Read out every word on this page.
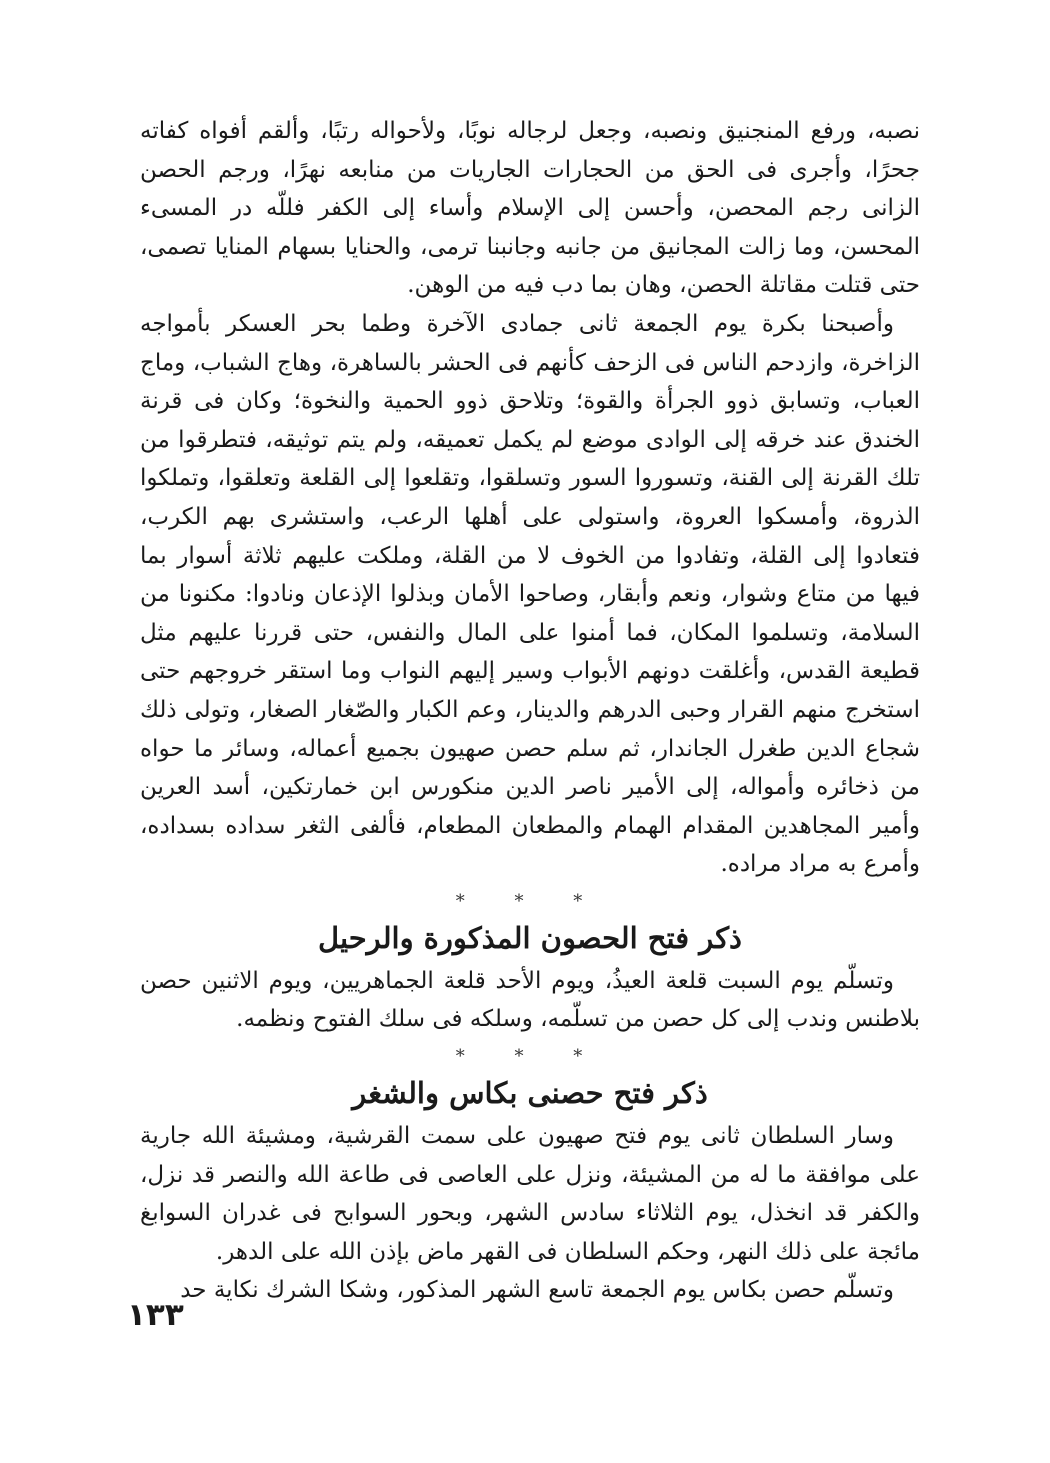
نصبه، ورفع المنجنيق ونصبه، وجعل لرجاله نوبًا، ولأحواله رتبًا، وألقم أفواه كفاته جحرًا، وأجرى فى الحق من الحجارات الجاريات من منابعه نهرًا، ورجم الحصن الزانى رجم المحصن، وأحسن إلى الإسلام وأساء إلى الكفر فللّه در المسىء المحسن، وما زالت المجانيق من جانبه وجانبنا ترمى، والحنايا بسهام المنايا تصمى، حتى قتلت مقاتلة الحصن، وهان بما دب فيه من الوهن.

وأصبحنا بكرة يوم الجمعة ثانى جمادى الآخرة وطما بحر العسكر بأمواجه الزاخرة، وازدحم الناس فى الزحف كأنهم فى الحشر بالساهرة، وهاج الشباب، وماج العباب، وتسابق ذوو الجرأة والقوة؛ وتلاحق ذوو الحمية والنخوة؛ وكان فى قرنة الخندق عند خرقه إلى الوادى موضع لم يكمل تعميقه، ولم يتم توثيقه، فتطرقوا من تلك القرنة إلى القنة، وتسوروا السور وتسلقوا، وتقلعوا إلى القلعة وتعلقوا، وتملكوا الذروة، وأمسكوا العروة، واستولى على أهلها الرعب، واستشرى بهم الكرب، فتعادوا إلى القلة، وتفادوا من الخوف لا من القلة، وملكت عليهم ثلاثة أسوار بما فيها من متاع وشوار، ونعم وأبقار، وصاحوا الأمان وبذلوا الإذعان ونادوا: مكنونا من السلامة، وتسلموا المكان، فما أمنوا على المال والنفس، حتى قررنا عليهم مثل قطيعة القدس، وأغلقت دونهم الأبواب وسير إليهم النواب وما استقر خروجهم حتى استخرج منهم القرار وحبى الدرهم والدينار، وعم الكبار والصّغار الصغار، وتولى ذلك شجاع الدين طغرل الجاندار، ثم سلم حصن صهيون بجميع أعماله، وسائر ما حواه من ذخائره وأمواله، إلى الأمير ناصر الدين منكورس ابن خمارتكين، أسد العرين وأمير المجاهدين المقدام الهمام والمطعان المطعام، فألفى الثغر سداده بسداده، وأمرع به مراد مراده.

* * *
ذكر فتح الحصون المذكورة والرحيل

وتسلّم يوم السبت قلعة العيذُ، ويوم الأحد قلعة الجماهريين، ويوم الاثنين حصن بلاطنس وندب إلى كل حصن من تسلّمه، وسلكه فى سلك الفتوح ونظمه.

* * *
ذكر فتح حصنى بكاس والشغر

وسار السلطان ثانى يوم فتح صهيون على سمت القرشية، ومشيئة الله جارية على موافقة ما له من المشيئة، ونزل على العاصى فى طاعة الله والنصر قد نزل، والكفر قد انخذل، يوم الثلاثاء سادس الشهر، وبحور السوابح فى غدران السوابغ مائجة على ذلك النهر، وحكم السلطان فى القهر ماض بإذن الله على الدهر.

وتسلّم حصن بكاس يوم الجمعة تاسع الشهر المذكور، وشكا الشرك نكاية حد

١٣٣
